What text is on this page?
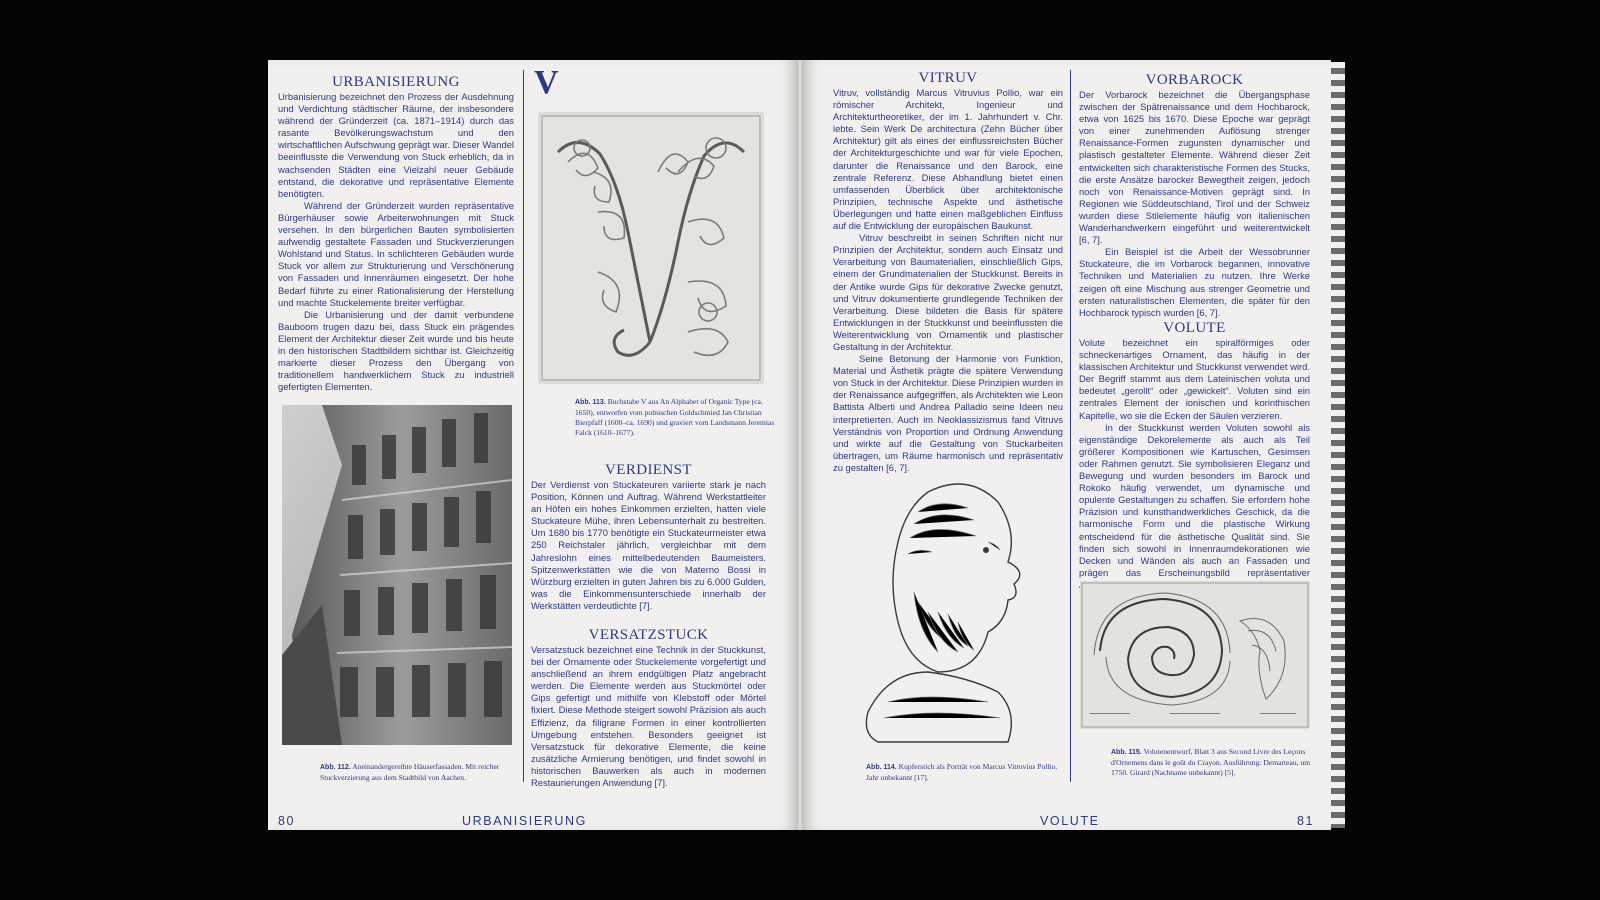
URBANISIERUNG

Urbanisierung bezeichnet den Prozess der Ausdehnung und Verdichtung städtischer Räume, der insbesondere während der Gründerzeit (ca. 1871–1914) durch das rasante Bevölkerungswachstum und den wirtschaftlichen Aufschwung geprägt war. Dieser Wandel beeinflusste die Verwendung von Stuck erheblich, da in wachsenden Städten eine Vielzahl neuer Gebäude entstand, die dekorative und repräsentative Elemente benötigten.

Während der Gründerzeit wurden repräsentative Bürgerhäuser sowie Arbeiterwohnungen mit Stuck versehen. In den bürgerlichen Bauten symbolisierten aufwendig gestaltete Fassaden und Stuckverzierungen Wohlstand und Status. In schlichteren Gebäuden wurde Stuck vor allem zur Strukturierung und Verschönerung von Fassaden und Innenräumen eingesetzt. Der hohe Bedarf führte zu einer Rationalisierung der Herstellung und machte Stuckelemente breiter verfügbar.

Die Urbanisierung und der damit verbundene Bauboom trugen dazu bei, dass Stuck ein prägendes Element der Architektur dieser Zeit wurde und bis heute in den historischen Stadtbildern sichtbar ist. Gleichzeitig markierte dieser Prozess den Übergang von traditionellem handwerklichem Stuck zu industriell gefertigten Elementen.

Abb. 112. Aneinandergereihte Häuserfassaden. Mit reicher Stuckverzierung aus dem Stadtbild von Aachen.
V
Abb. 113. Buchstabe V aus An Alphabet of Organic Type (ca. 1650), entworfen vom polnischen Goldschmied Jan Christian Bierpfaff (1600–ca. 1690) und graviert vom Landsmann Jeremias Falck (1610–1677).
VERDIENST

Der Verdienst von Stuckateuren variierte stark je nach Position, Können und Auftrag. Während Werkstattleiter an Höfen ein hohes Einkommen erzielten, hatten viele Stuckateure Mühe, ihren Lebensunterhalt zu bestreiten. Um 1680 bis 1770 benötigte ein Stuckateurmeister etwa 250 Reichstaler jährlich, vergleichbar mit dem Jahreslohn eines mittelbedeutenden Baumeisters. Spitzenwerkstätten wie die von Materno Bossi in Würzburg erzielten in guten Jahren bis zu 6.000 Gulden, was die Einkommensunterschiede innerhalb der Werkstätten verdeutlichte [7].

VERSATZSTUCK

Versatzstuck bezeichnet eine Technik in der Stuckkunst, bei der Ornamente oder Stuckelemente vorgefertigt und anschließend an ihrem endgültigen Platz angebracht werden. Die Elemente werden aus Stuckmörtel oder Gips gefertigt und mithilfe von Klebstoff oder Mörtel fixiert. Diese Methode steigert sowohl Präzision als auch Effizienz, da filigrane Formen in einer kontrollierten Umgebung entstehen. Besonders geeignet ist Versatzstuck für dekorative Elemente, die keine zusätzliche Armierung benötigen, und findet sowohl in historischen Bauwerken als auch in modernen Restaurierungen Anwendung [7].

80	URBANISIERUNG
VITRUV

Vitruv, vollständig Marcus Vitruvius Pollio, war ein römischer Architekt, Ingenieur und Architekturtheoretiker, der im 1. Jahrhundert v. Chr. lebte. Sein Werk De architectura (Zehn Bücher über Architektur) gilt als eines der einflussreichsten Bücher der Architekturgeschichte und war für viele Epochen, darunter die Renaissance und den Barock, eine zentrale Referenz. Diese Abhandlung bietet einen umfassenden Überblick über architektonische Prinzipien, technische Aspekte und ästhetische Überlegungen und hatte einen maßgeblichen Einfluss auf die Entwicklung der europäischen Baukunst.

Vitruv beschreibt in seinen Schriften nicht nur Prinzipien der Architektur, sondern auch Einsatz und Verarbeitung von Baumaterialien, einschließlich Gips, einem der Grundmaterialien der Stuckkunst. Bereits in der Antike wurde Gips für dekorative Zwecke genutzt, und Vitruv dokumentierte grundlegende Techniken der Verarbeitung. Diese bildeten die Basis für spätere Entwicklungen in der Stuckkunst und beeinflussten die Weiterentwicklung von Ornamentik und plastischer Gestaltung in der Architektur.

Seine Betonung der Harmonie von Funktion, Material und Ästhetik prägte die spätere Verwendung von Stuck in der Architektur. Diese Prinzipien wurden in der Renaissance aufgegriffen, als Architekten wie Leon Battista Alberti und Andrea Palladio seine Ideen neu interpretierten. Auch im Neoklassizismus fand Vitruvs Verständnis von Proportion und Ordnung Anwendung und wirkte auf die Gestaltung von Stuckarbeiten übertragen, um Räume harmonisch und repräsentativ zu gestalten [6, 7].

Abb. 114. Kupferstich als Porträt von Marcus Vitruvius Pollio. Jahr unbekannt [17].
VORBAROCK

Der Vorbarock bezeichnet die Übergangsphase zwischen der Spätrenaissance und dem Hochbarock, etwa von 1625 bis 1670. Diese Epoche war geprägt von einer zunehmenden Auflösung strenger Renaissance-Formen zugunsten dynamischer und plastisch gestalteter Elemente. Während dieser Zeit entwickelten sich charakteristische Formen des Stucks, die erste Ansätze barocker Bewegtheit zeigen, jedoch noch von Renaissance-Motiven geprägt sind. In Regionen wie Süddeutschland, Tirol und der Schweiz wurden diese Stilelemente häufig von italienischen Wanderhandwerkern eingeführt und weiterentwickelt [6, 7].

Ein Beispiel ist die Arbeit der Wessobrunner Stuckateure, die im Vorbarock begannen, innovative Techniken und Materialien zu nutzen. Ihre Werke zeigen oft eine Mischung aus strenger Geometrie und ersten naturalistischen Elementen, die später für den Hochbarock typisch wurden [6, 7].

VOLUTE

Volute bezeichnet ein spiralförmiges oder schneckenartiges Ornament, das häufig in der klassischen Architektur und Stuckkunst verwendet wird. Der Begriff stammt aus dem Lateinischen voluta und bedeutet „gerollt“ oder „gewickelt“. Voluten sind ein zentrales Element der ionischen und korinthischen Kapitelle, wo sie die Ecken der Säulen verzieren.

In der Stuckkunst werden Voluten sowohl als eigenständige Dekorelemente als auch als Teil größerer Kompositionen wie Kartuschen, Gesimsen oder Rahmen genutzt. Sie symbolisieren Eleganz und Bewegung und wurden besonders im Barock und Rokoko häufig verwendet, um dynamische und opulente Gestaltungen zu schaffen. Sie erfordern hohe Präzision und kunsthandwerkliches Geschick, da die harmonische Form und die plastische Wirkung entscheidend für die ästhetische Qualität sind. Sie finden sich sowohl in Innenraumdekorationen wie Decken und Wänden als auch an Fassaden und prägen das Erscheinungsbild repräsentativer

Abb. 115. Volutenentwurf, Blatt 3 aus Second Livre des Leçons d'Ornemens dans le goût du Crayon. Ausführung: Demarteau, um 1750. Girard (Nachname unbekannt) [5].
VOLUTE	81
